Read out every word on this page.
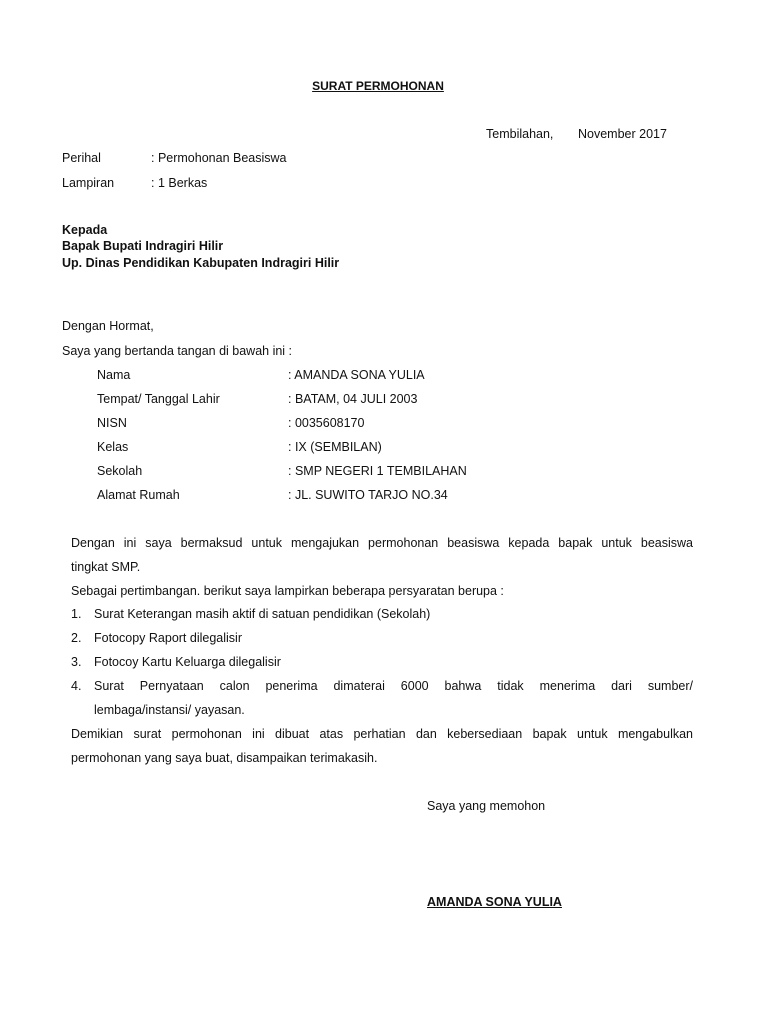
SURAT PERMOHONAN
Tembilahan, November 2017
Perihal	: Permohonan Beasiswa
Lampiran	: 1 Berkas
Kepada
Bapak Bupati Indragiri Hilir
Up. Dinas Pendidikan Kabupaten Indragiri Hilir
Dengan Hormat,
Saya yang bertanda tangan di bawah ini :
Nama	: AMANDA SONA YULIA
Tempat/ Tanggal Lahir	: BATAM, 04 JULI 2003
NISN	: 0035608170
Kelas	: IX (SEMBILAN)
Sekolah	: SMP NEGERI 1 TEMBILAHAN
Alamat Rumah	: JL. SUWITO TARJO NO.34
Dengan ini saya bermaksud untuk mengajukan permohonan beasiswa kepada bapak untuk beasiswa
tingkat SMP.
Sebagai pertimbangan. berikut saya lampirkan beberapa persyaratan berupa :
1. Surat Keterangan masih aktif di satuan pendidikan (Sekolah)
2. Fotocopy Raport dilegalisir
3. Fotocoy Kartu Keluarga dilegalisir
4. Surat Pernyataan calon penerima dimaterai 6000 bahwa tidak menerima dari sumber/
lembaga/instansi/ yayasan.
Demikian surat permohonan ini dibuat atas perhatian dan kebersediaan bapak untuk mengabulkan
permohonan yang saya buat, disampaikan terimakasih.
Saya yang memohon
AMANDA SONA YULIA
